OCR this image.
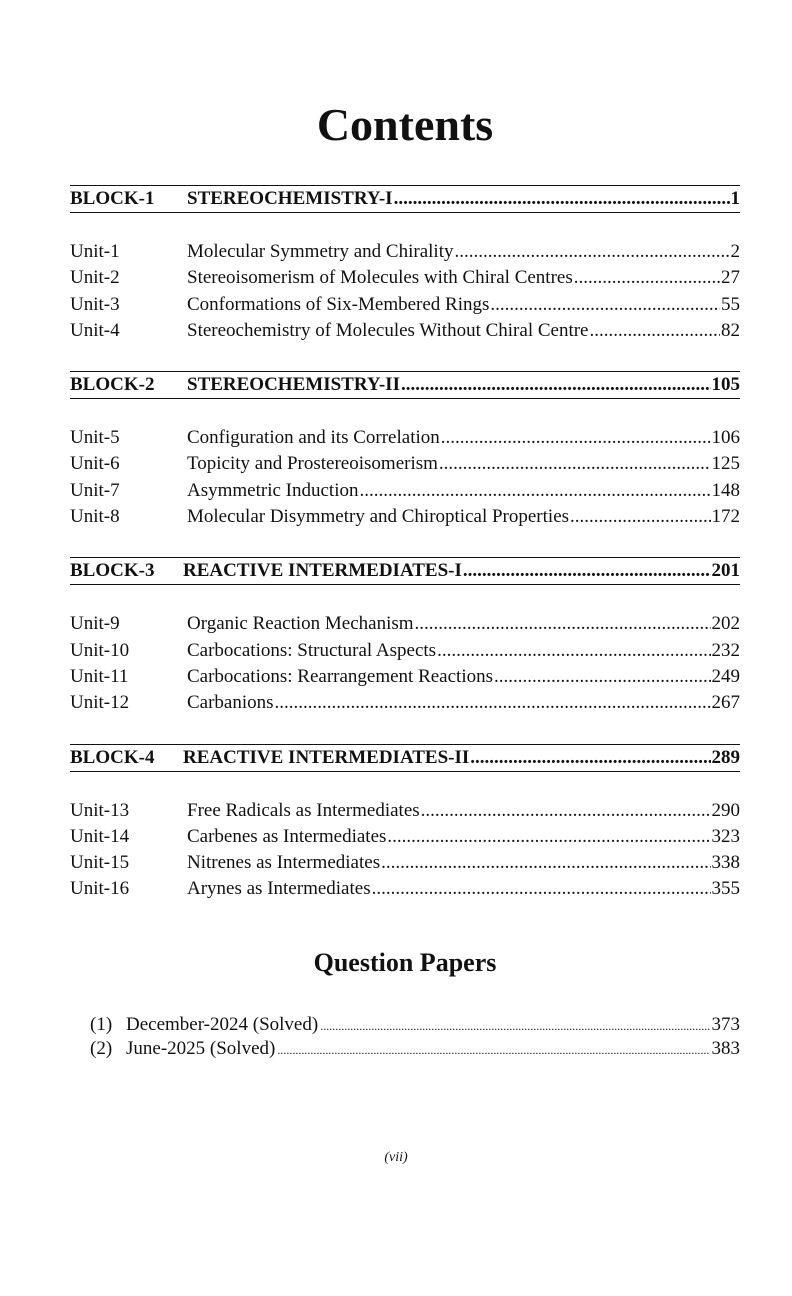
Contents
BLOCK-1	STEREOCHEMISTRY-I .....	1
Unit-1	Molecular Symmetry and Chirality .....	2
Unit-2	Stereoisomerism of Molecules with Chiral Centres .....	27
Unit-3	Conformations of Six-Membered Rings .....	55
Unit-4	Stereochemistry of Molecules Without Chiral Centre .....	82
BLOCK-2	STEREOCHEMISTRY-II .....	105
Unit-5	Configuration and its Correlation .....	106
Unit-6	Topicity and Prostereoisomerism .....	125
Unit-7	Asymmetric Induction .....	148
Unit-8	Molecular Disymmetry and Chiroptical Properties .....	172
BLOCK-3	REACTIVE INTERMEDIATES-I .....	201
Unit-9	Organic Reaction Mechanism .....	202
Unit-10	Carbocations: Structural Aspects .....	232
Unit-11	Carbocations: Rearrangement Reactions .....	249
Unit-12	Carbanions .....	267
BLOCK-4	REACTIVE INTERMEDIATES-II .....	289
Unit-13	Free Radicals as Intermediates .....	290
Unit-14	Carbenes as Intermediates .....	323
Unit-15	Nitrenes as Intermediates .....	338
Unit-16	Arynes as Intermediates .....	355
Question Papers
(1) December-2024 (Solved) .....	373
(2) June-2025 (Solved) .....	383
(vii)
